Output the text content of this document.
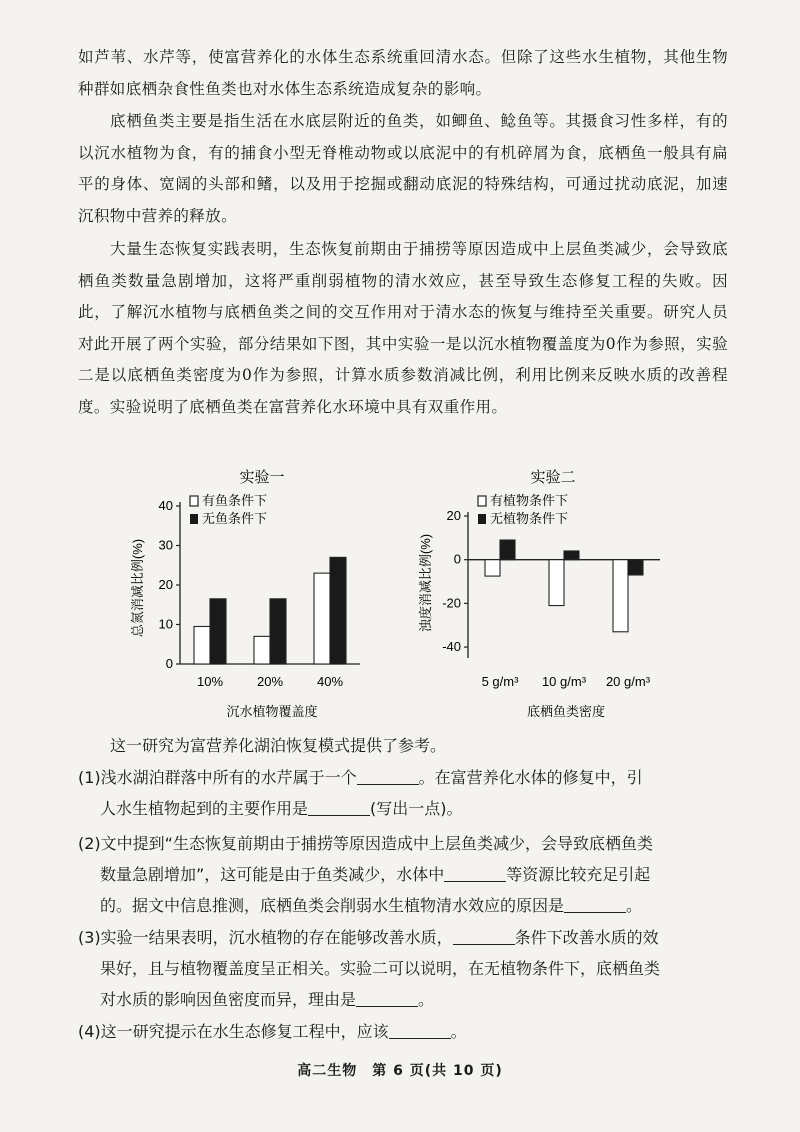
如芦苇、水芹等，使富营养化的水体生态系统重回清水态。但除了这些水生植物，其他生物种群如底栖杂食性鱼类也对水体生态系统造成复杂的影响。

底栖鱼类主要是指生活在水底层附近的鱼类，如鲫鱼、鲶鱼等。其摄食习性多样，有的以沉水植物为食，有的捕食小型无脊椎动物或以底泥中的有机碎屑为食，底栖鱼一般具有扁平的身体、宽阔的头部和鳍，以及用于挖掘或翻动底泥的特殊结构，可通过扰动底泥，加速沉积物中营养的释放。

大量生态恢复实践表明，生态恢复前期由于捕捞等原因造成中上层鱼类减少，会导致底栖鱼类数量急剧增加，这将严重削弱植物的清水效应，甚至导致生态修复工程的失败。因此，了解沉水植物与底栖鱼类之间的交互作用对于清水态的恢复与维持至关重要。研究人员对此开展了两个实验，部分结果如下图，其中实验一是以沉水植物覆盖度为0作为参照，实验二是以底栖鱼类密度为0作为参照，计算水质参数消减比例，利用比例来反映水质的改善程度。实验说明了底栖鱼类在富营养化水环境中具有双重作用。

实验一
总氮消减比例(%)
0
10
20
30
40
10%	20%	40%
有鱼条件下
无鱼条件下
沉水植物覆盖度
实验二
浊度消减比例(%)
20
0
-20
-40
5 g/m³ 10 g/m³ 20 g/m³
有植物条件下
无植物条件下
底栖鱼类密度

这一研究为富营养化湖泊恢复模式提供了参考。

(1)浅水湖泊群落中所有的水芹属于一个	。在富营养化水体的修复中，引
人水生植物起到的主要作用是	(写出一点)。

(2)文中提到“生态恢复前期由于捕捞等原因造成中上层鱼类减少，会导致底栖鱼类
数量急剧增加”，这可能是由于鱼类减少，水体中	等资源比较充足引起
的。据文中信息推测，底栖鱼类会削弱水生植物清水效应的原因是	。

(3)实验一结果表明，沉水植物的存在能够改善水质，	条件下改善水质的效
果好，且与植物覆盖度呈正相关。实验二可以说明，在无植物条件下，底栖鱼类
对水质的影响因鱼密度而异，理由是	。

(4)这一研究提示在水生态修复工程中，应该	。

高二生物　第 6 页(共 10 页)
